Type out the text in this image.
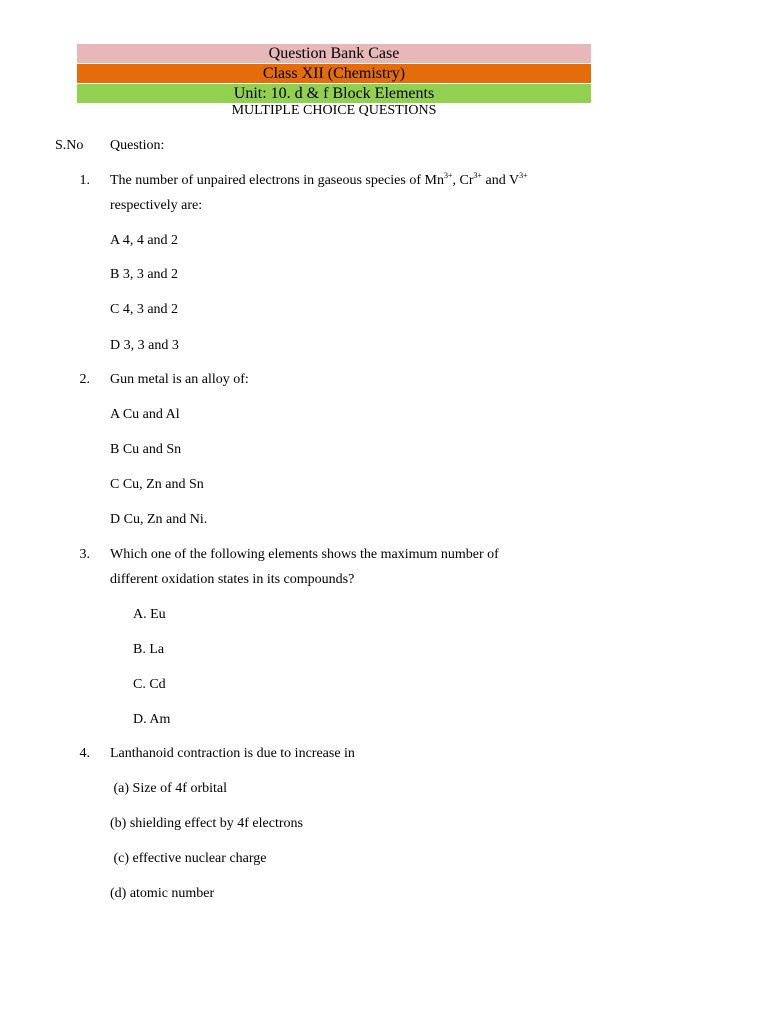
Question Bank Case
Class XII (Chemistry)
Unit: 10. d & f Block Elements
MULTIPLE CHOICE QUESTIONS
S.No Question:
1. The number of unpaired electrons in gaseous species of $Mn^{3+}$, $Cr^{3+}$ and $V^{3+}$
respectively are:
A 4, 4 and 2
B 3, 3 and 2
C 4, 3 and 2
D 3, 3 and 3
2. Gun metal is an alloy of:
A Cu and Al
B Cu and Sn
C Cu, Zn and Sn
D Cu, Zn and Ni.
3. Which one of the following elements shows the maximum number of
different oxidation states in its compounds?
A. Eu
B. La
C. Cd
D. Am
4. Lanthanoid contraction is due to increase in
(a) Size of 4f orbital
(b) shielding effect by 4f electrons
(c) effective nuclear charge
(d) atomic number
